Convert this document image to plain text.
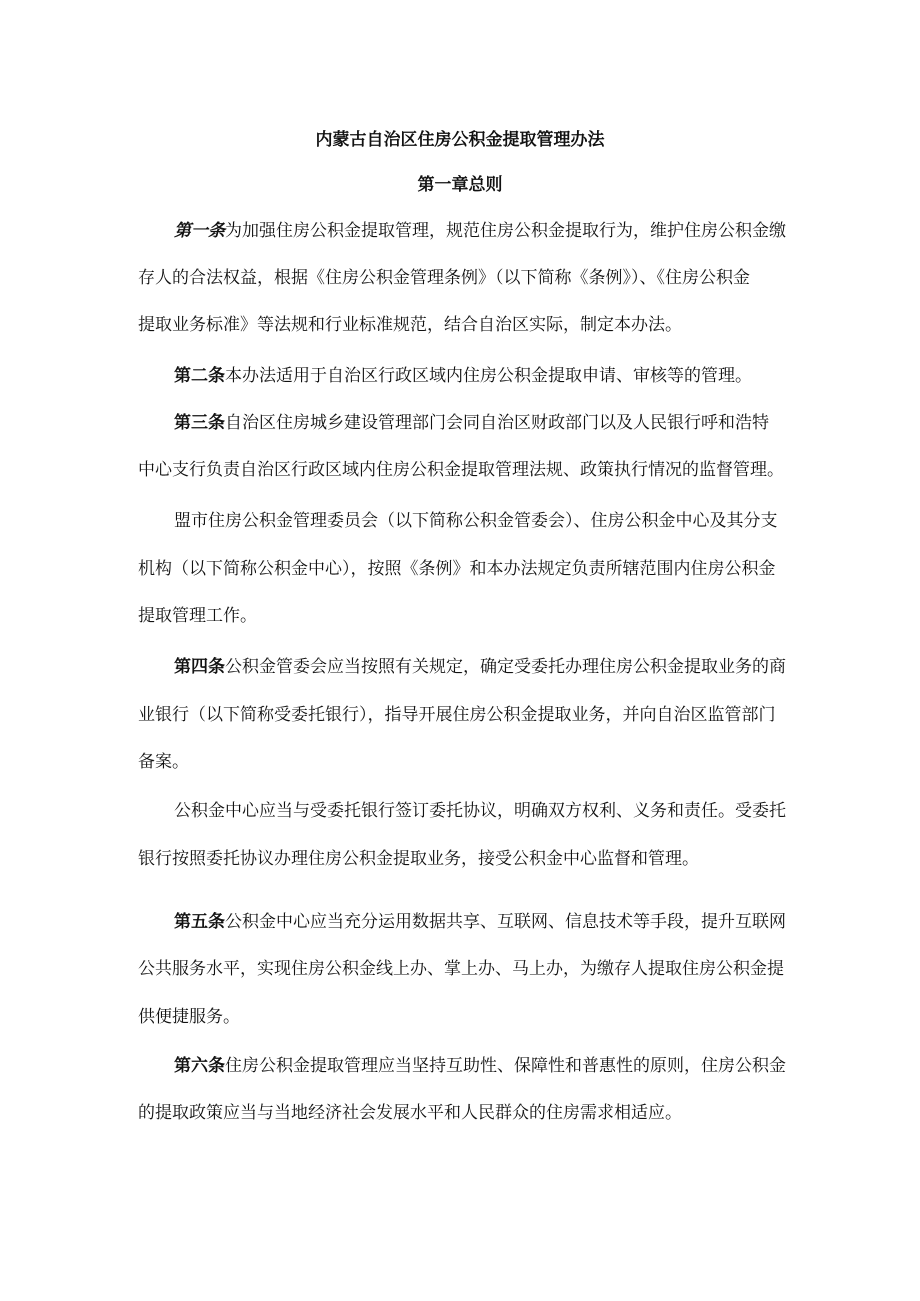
内蒙古自治区住房公积金提取管理办法
第一章总则
第一条为加强住房公积金提取管理，规范住房公积金提取行为，维护住房公积金缴
存人的合法权益，根据《住房公积金管理条例》（以下简称《条例》）、《住房公积金
提取业务标准》等法规和行业标准规范，结合自治区实际，制定本办法。
第二条本办法适用于自治区行政区域内住房公积金提取申请、审核等的管理。
第三条自治区住房城乡建设管理部门会同自治区财政部门以及人民银行呼和浩特
中心支行负责自治区行政区域内住房公积金提取管理法规、政策执行情况的监督管理。
盟市住房公积金管理委员会（以下简称公积金管委会）、住房公积金中心及其分支
机构（以下简称公积金中心），按照《条例》和本办法规定负责所辖范围内住房公积金
提取管理工作。
第四条公积金管委会应当按照有关规定，确定受委托办理住房公积金提取业务的商
业银行（以下简称受委托银行），指导开展住房公积金提取业务，并向自治区监管部门
备案。
公积金中心应当与受委托银行签订委托协议，明确双方权利、义务和责任。受委托
银行按照委托协议办理住房公积金提取业务，接受公积金中心监督和管理。
第五条公积金中心应当充分运用数据共享、互联网、信息技术等手段，提升互联网
公共服务水平，实现住房公积金线上办、掌上办、马上办，为缴存人提取住房公积金提
供便捷服务。
第六条住房公积金提取管理应当坚持互助性、保障性和普惠性的原则，住房公积金
的提取政策应当与当地经济社会发展水平和人民群众的住房需求相适应。
